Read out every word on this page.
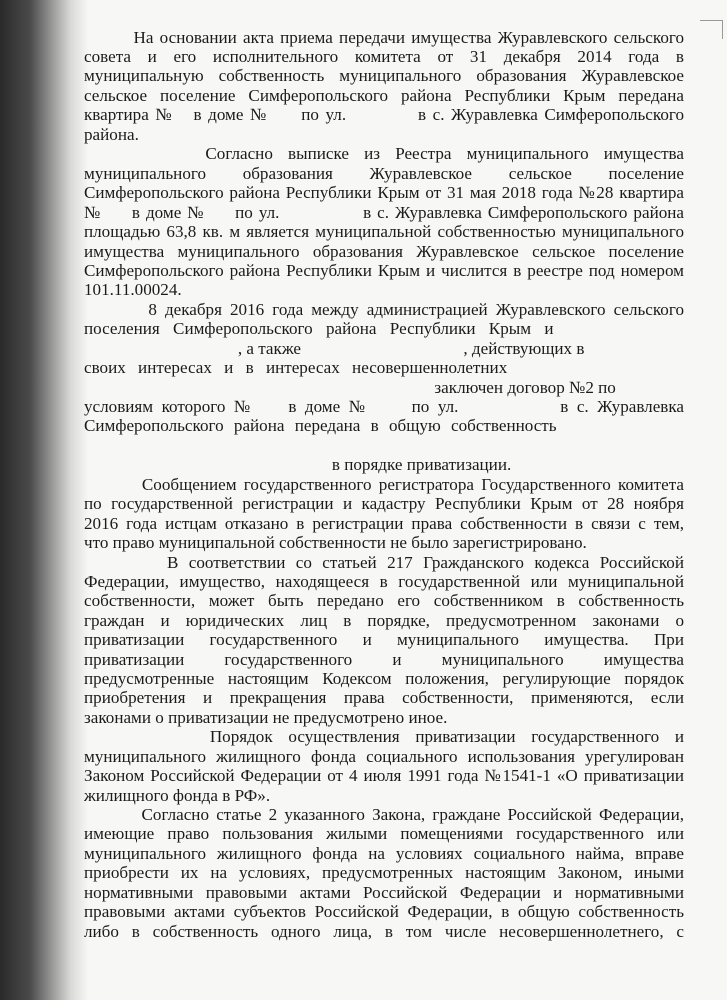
На основании акта приема передачи имущества Журавлевского сельского
совета и его исполнительного комитета от 31 декабря 2014 года в
муниципальную собственность муниципального образования Журавлевское
сельское поселение Симферопольского района Республики Крым передана
квартира №   в доме №     по ул.           в с. Журавлевка Симферопольского
района.
Согласно выписке из Реестра муниципального имущества
муниципального образования Журавлевское сельское поселение
Симферопольского района Республики Крым от 31 мая 2018 года №28 квартира
№     в доме №     по ул.              в с. Журавлевка Симферопольского района
площадью 63,8 кв. м является муниципальной собственностью муниципального
имущества муниципального образования Журавлевское сельское поселение
Симферопольского района Республики Крым и числится в реестре под номером
101.11.00024.
8 декабря 2016 года между администрацией Журавлевского сельского
поселения Симферопольского района Республики Крым и
, а также                                      , действующих в
своих интересах и в интересах несовершеннолетних
заключен договор №2 по
условиям которого №    в доме №     по ул.            в с. Журавлевка
Симферопольского района передана в общую собственность
в порядке приватизации.
Сообщением государственного регистратора Государственного комитета
по государственной регистрации и кадастру Республики Крым от 28 ноября
2016 года истцам отказано в регистрации права собственности в связи с тем,
что право муниципальной собственности не было зарегистрировано.
В соответствии со статьей 217 Гражданского кодекса Российской
Федерации, имущество, находящееся в государственной или муниципальной
собственности, может быть передано его собственником в собственность
граждан и юридических лиц в порядке, предусмотренном законами о
приватизации государственного и муниципального имущества. При
приватизации государственного и муниципального имущества
предусмотренные настоящим Кодексом положения, регулирующие порядок
приобретения и прекращения права собственности, применяются, если
законами о приватизации не предусмотрено иное.
Порядок осуществления приватизации государственного и
муниципального жилищного фонда социального использования урегулирован
Законом Российской Федерации от 4 июля 1991 года №1541-1 «О приватизации
жилищного фонда в РФ».
Согласно статье 2 указанного Закона, граждане Российской Федерации,
имеющие право пользования жилыми помещениями государственного или
муниципального жилищного фонда на условиях социального найма, вправе
приобрести их на условиях, предусмотренных настоящим Законом, иными
нормативными правовыми актами Российской Федерации и нормативными
правовыми актами субъектов Российской Федерации, в общую собственность
либо в собственность одного лица, в том числе несовершеннолетнего, с
